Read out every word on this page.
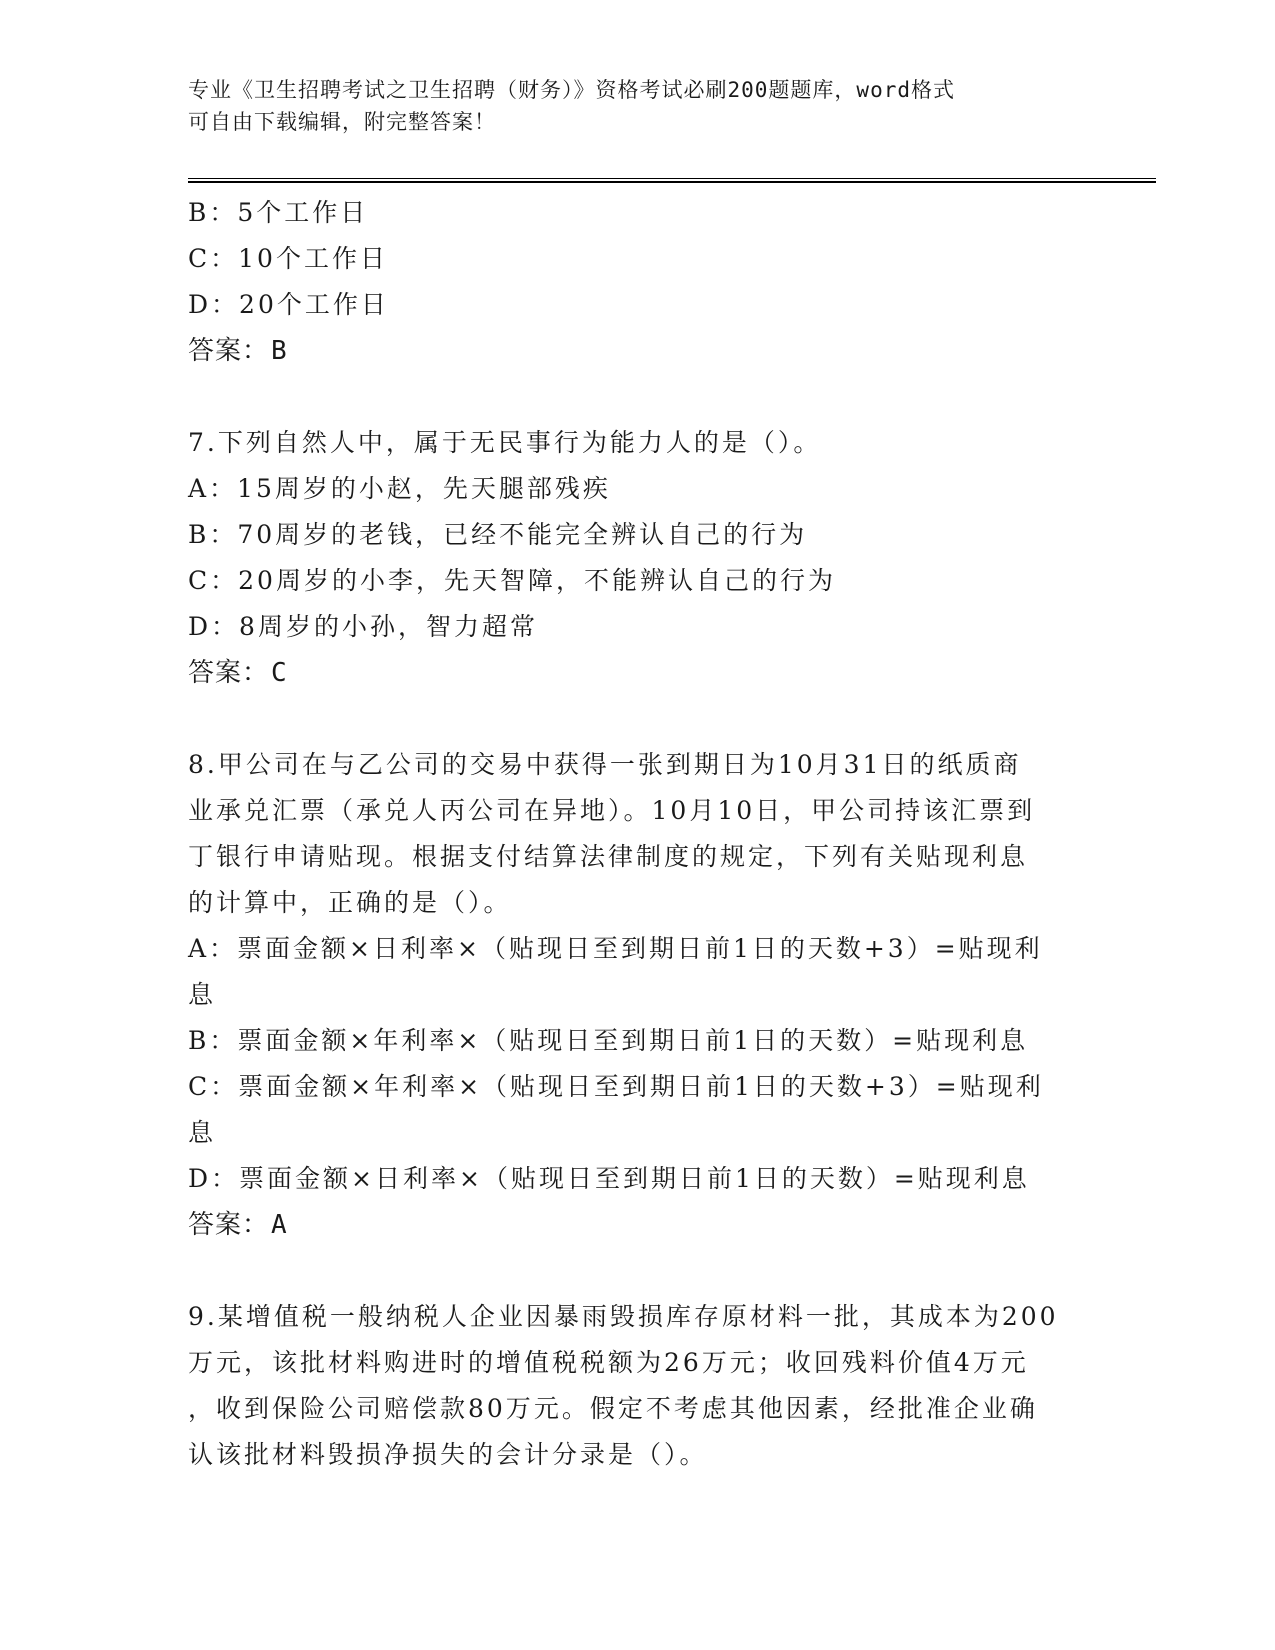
专业《卫生招聘考试之卫生招聘（财务）》资格考试必刷200题题库，word格式
可自由下载编辑，附完整答案！
B：5个工作日
C：10个工作日
D：20个工作日
答案：B
7.下列自然人中，属于无民事行为能力人的是（）。
A：15周岁的小赵，先天腿部残疾
B：70周岁的老钱，已经不能完全辨认自己的行为
C：20周岁的小李，先天智障，不能辨认自己的行为
D：8周岁的小孙，智力超常
答案：C
8.甲公司在与乙公司的交易中获得一张到期日为10月31日的纸质商
业承兑汇票（承兑人丙公司在异地）。10月10日，甲公司持该汇票到
丁银行申请贴现。根据支付结算法律制度的规定，下列有关贴现利息
的计算中，正确的是（）。
A：票面金额×日利率×（贴现日至到期日前1日的天数+3）=贴现利
息
B：票面金额×年利率×（贴现日至到期日前1日的天数）=贴现利息
C：票面金额×年利率×（贴现日至到期日前1日的天数+3）=贴现利
息
D：票面金额×日利率×（贴现日至到期日前1日的天数）=贴现利息
答案：A
9.某增值税一般纳税人企业因暴雨毁损库存原材料一批，其成本为200
万元，该批材料购进时的增值税税额为26万元；收回残料价值4万元
，收到保险公司赔偿款80万元。假定不考虑其他因素，经批准企业确
认该批材料毁损净损失的会计分录是（）。
